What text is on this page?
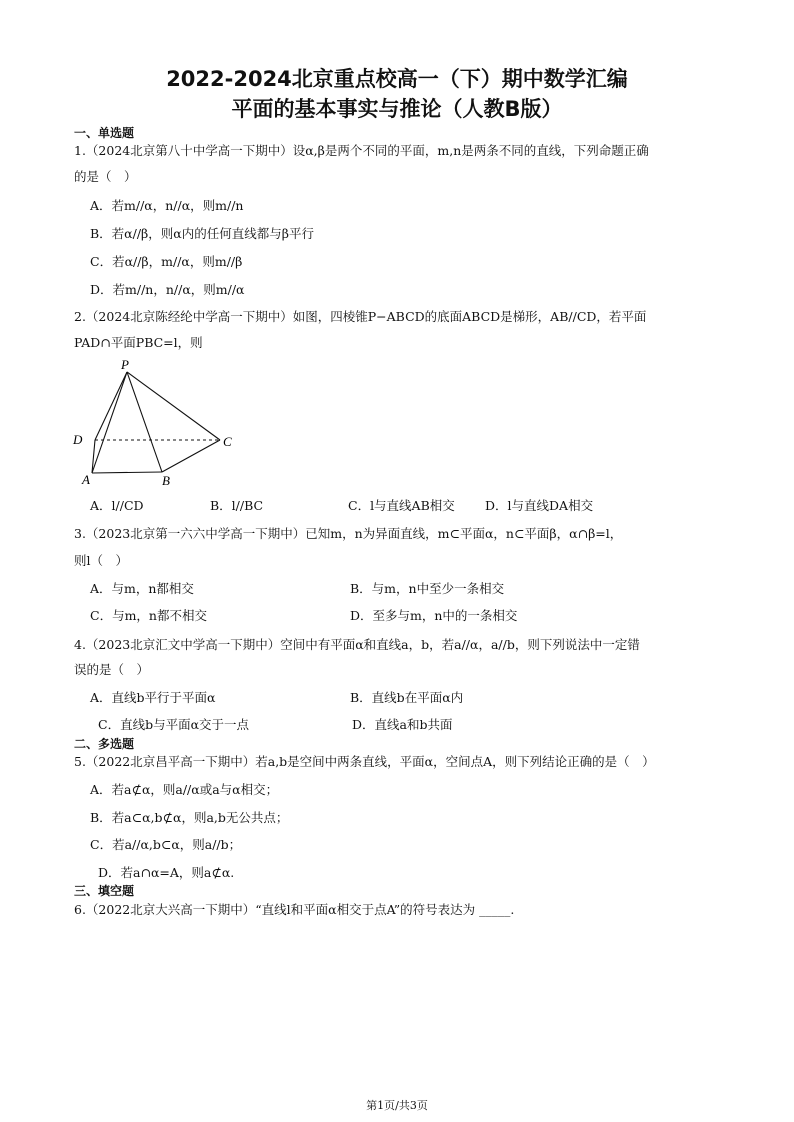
2022-2024北京重点校高一（下）期中数学汇编
平面的基本事实与推论（人教B版）
一、单选题
1.（2024北京第八十中学高一下期中）设α,β是两个不同的平面，m,n是两条不同的直线，下列命题正确
的是（　）
A．若m//α，n//α，则m//n
B．若α//β，则α内的任何直线都与β平行
C．若α//β，m//α，则m//β
D．若m//n，n//α，则m//α
2.（2024北京陈经纶中学高一下期中）如图，四棱锥P−ABCD的底面ABCD是梯形，AB//CD，若平面
PAD∩平面PBC=l，则
P
D	C
A	B
A．l//CD	B．l//BC	C．l与直线AB相交 D．l与直线DA相交
3.（2023北京第一六六中学高一下期中）已知m，n为异面直线，m⊂平面α，n⊂平面β，α∩β=l，
则l（　）
A．与m，n都相交	B．与m，n中至少一条相交
C．与m，n都不相交	D．至多与m，n中的一条相交
4.（2023北京汇文中学高一下期中）空间中有平面α和直线a，b，若a//α，a//b，则下列说法中一定错
误的是（　）
A．直线b平行于平面α	B．直线b在平面α内
C．直线b与平面α交于一点	D．直线a和b共面
二、多选题
5.（2022北京昌平高一下期中）若a,b是空间中两条直线，平面α，空间点A，则下列结论正确的是（　）
A．若a⊄α，则a//α或a与α相交；
B．若a⊂α,b⊄α，则a,b无公共点；
C．若a//α,b⊂α，则a//b；
D．若a∩α=A，则a⊄α.
三、填空题
6.（2022北京大兴高一下期中）“直线l和平面α相交于点A”的符号表达为 _____.
第1页/共3页
